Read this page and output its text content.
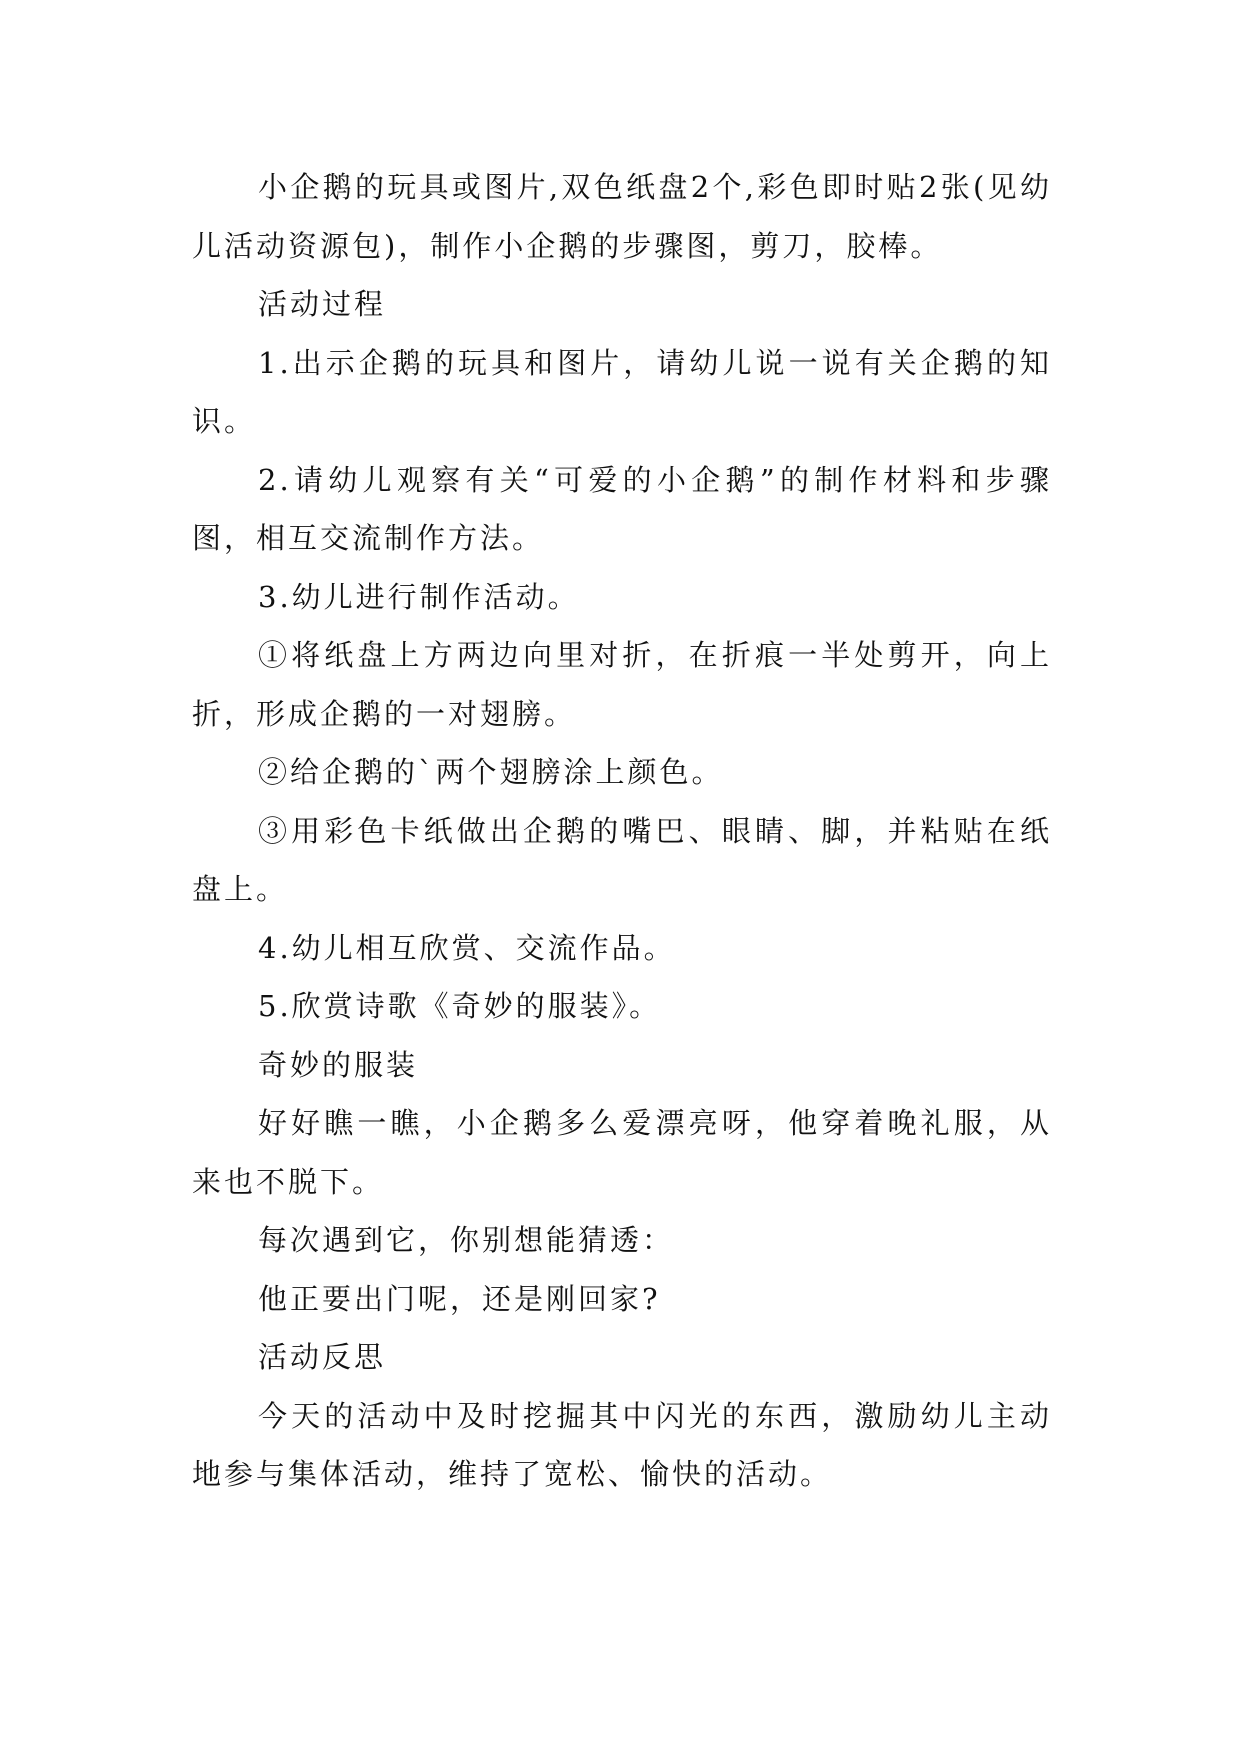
小企鹅的玩具或图片,双色纸盘2个,彩色即时贴2张(见幼儿活动资源包)，制作小企鹅的步骤图，剪刀，胶棒。

活动过程

1.出示企鹅的玩具和图片，请幼儿说一说有关企鹅的知识。

2.请幼儿观察有关“可爱的小企鹅”的制作材料和步骤图，相互交流制作方法。

3.幼儿进行制作活动。

①将纸盘上方两边向里对折，在折痕一半处剪开，向上折，形成企鹅的一对翅膀。

②给企鹅的`两个翅膀涂上颜色。

③用彩色卡纸做出企鹅的嘴巴、眼睛、脚，并粘贴在纸盘上。

4.幼儿相互欣赏、交流作品。

5.欣赏诗歌《奇妙的服装》。

奇妙的服装

好好瞧一瞧，小企鹅多么爱漂亮呀，他穿着晚礼服，从来也不脱下。

每次遇到它，你别想能猜透：

他正要出门呢，还是刚回家?

活动反思

今天的活动中及时挖掘其中闪光的东西，激励幼儿主动地参与集体活动，维持了宽松、愉快的活动。
